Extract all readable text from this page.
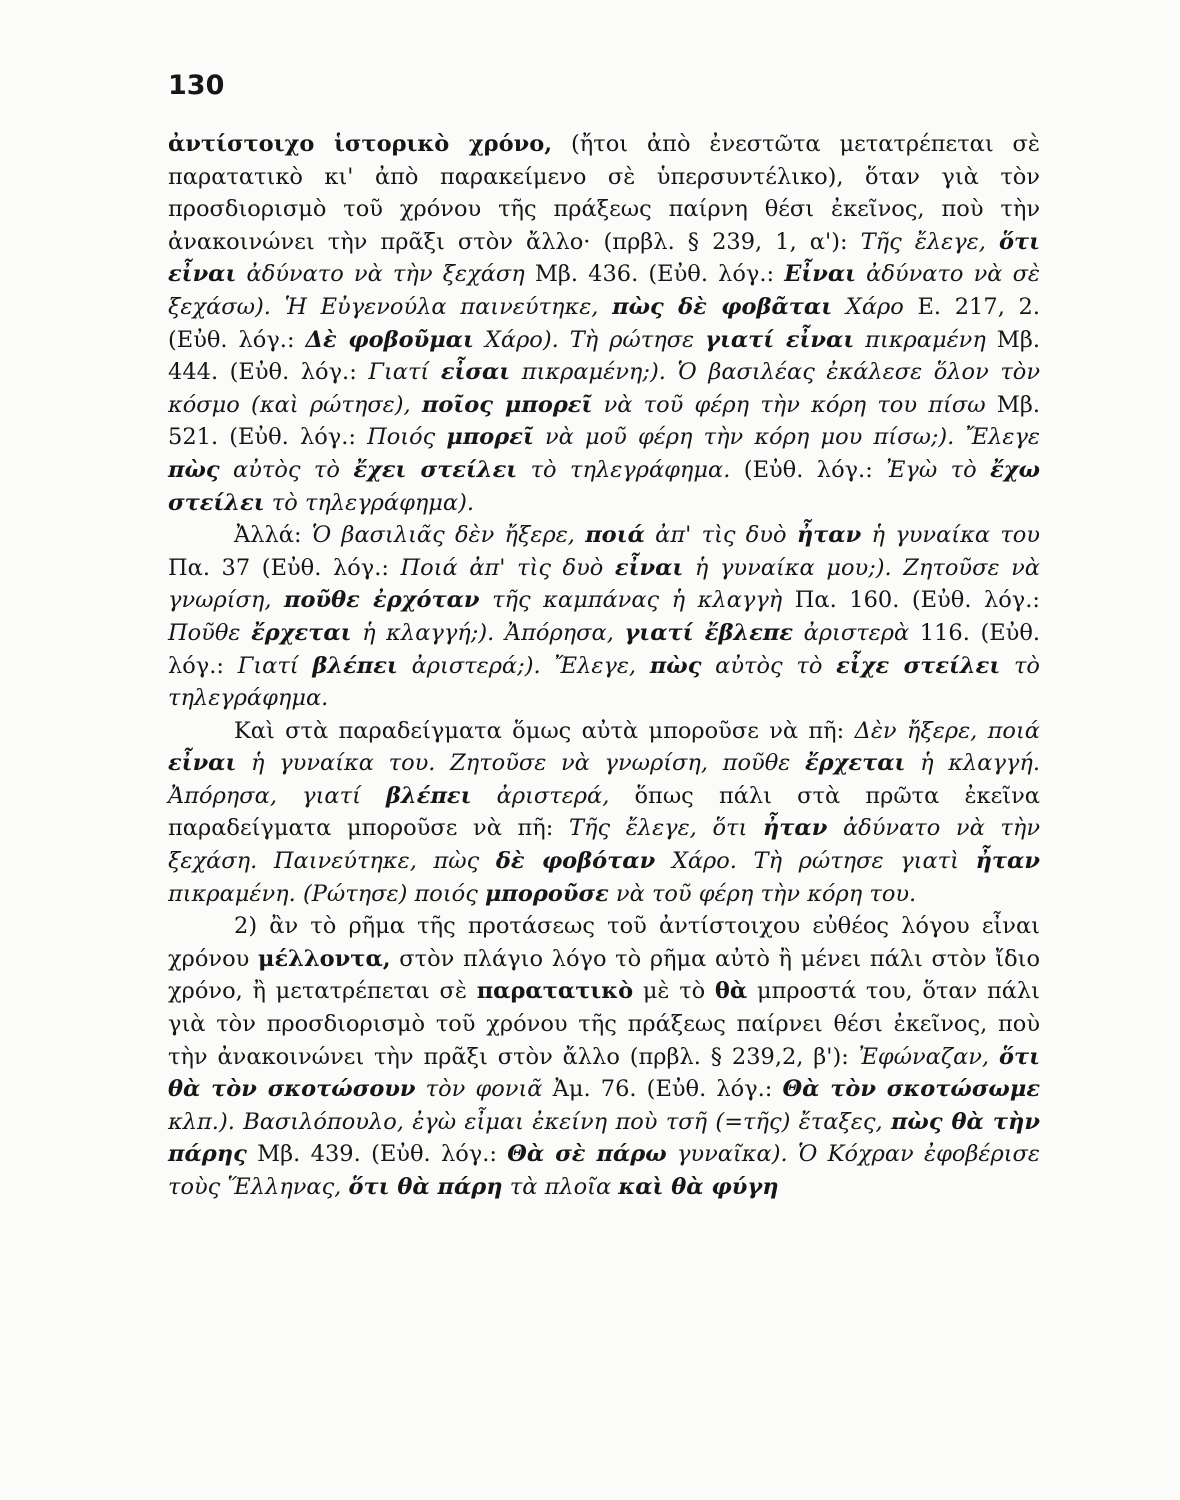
130

ἀντίστοιχο ἱστορικὸ χρόνο, (ἤτοι ἀπὸ ἐνεστῶτα μετατρέπεται σὲ παρατατικὸ κι' ἀπὸ παρακείμενο σὲ ὑπερσυντέλικο), ὅταν γιὰ τὸν προσδιορισμὸ τοῦ χρόνου τῆς πράξεως παίρνη θέσι ἐκεῖνος, ποὺ τὴν ἀνακοινώνει τὴν πρᾶξι στὸν ἄλλο· (πρβλ. § 239, 1, α'): Τῆς ἔλεγε, ὅτι εἶναι ἀδύνατο νὰ τὴν ξεχάση Μβ. 436. (Εὐθ. λόγ.: Εἶναι ἀδύνατο νὰ σὲ ξεχάσω). Ἡ Εὐγενούλα παινεύτηκε, πὼς δὲ φοβᾶται Χάρο Ε. 217, 2. (Εὐθ. λόγ.: Δὲ φοβοῦμαι Χάρο). Τὴ ρώτησε γιατί εἶναι πικραμένη Μβ. 444. (Εὐθ. λόγ.: Γιατί εἶσαι πικραμένη;). Ὁ βασιλέας ἐκάλεσε ὅλον τὸν κόσμο (καὶ ρώτησε), ποῖος μπορεῖ νὰ τοῦ φέρη τὴν κόρη του πίσω Μβ. 521. (Εὐθ. λόγ.: Ποιός μπορεῖ νὰ μοῦ φέρη τὴν κόρη μου πίσω;). Ἔλεγε πὼς αὐτὸς τὸ ἔχει στείλει τὸ τηλεγράφημα. (Εὐθ. λόγ.: Ἐγὼ τὸ ἔχω στείλει τὸ τηλεγράφημα).

Ἀλλά: Ὁ βασιλιᾶς δὲν ἤξερε, ποιά ἀπ' τὶς δυὸ ἦταν ἡ γυναίκα του Πα. 37 (Εὐθ. λόγ.: Ποιά ἀπ' τὶς δυὸ εἶναι ἡ γυναίκα μου;). Ζητοῦσε νὰ γνωρίση, ποῦθε ἐρχόταν τῆς καμπάνας ἡ κλαγγὴ Πα. 160. (Εὐθ. λόγ.: Ποῦθε ἔρχεται ἡ κλαγγή;). Ἀπόρησα, γιατί ἔβλεπε ἀριστερὰ 116. (Εὐθ. λόγ.: Γιατί βλέπει ἀριστερά;). Ἔλεγε, πὼς αὐτὸς τὸ εἶχε στείλει τὸ τηλεγράφημα.

Καὶ στὰ παραδείγματα ὅμως αὐτὰ μποροῦσε νὰ πῆ: Δὲν ἤξερε, ποιά εἶναι ἡ γυναίκα του. Ζητοῦσε νὰ γνωρίση, ποῦθε ἔρχεται ἡ κλαγγή. Ἀπόρησα, γιατί βλέπει ἀριστερά, ὅπως πάλι στὰ πρῶτα ἐκεῖνα παραδείγματα μποροῦσε νὰ πῆ: Τῆς ἔλεγε, ὅτι ἦταν ἀδύνατο νὰ τὴν ξεχάση. Παινεύτηκε, πὼς δὲ φοβόταν Χάρο. Τὴ ρώτησε γιατὶ ἦταν πικραμένη. (Ρώτησε) ποιός μποροῦσε νὰ τοῦ φέρη τὴν κόρη του.

2) ἂν τὸ ρῆμα τῆς προτάσεως τοῦ ἀντίστοιχου εὐθέος λόγου εἶναι χρόνου μέλλοντα, στὸν πλάγιο λόγο τὸ ρῆμα αὐτὸ ἢ μένει πάλι στὸν ἴδιο χρόνο, ἢ μετατρέπεται σὲ παρατατικὸ μὲ τὸ θὰ μπροστά του, ὅταν πάλι γιὰ τὸν προσδιορισμὸ τοῦ χρόνου τῆς πράξεως παίρνει θέσι ἐκεῖνος, ποὺ τὴν ἀνακοινώνει τὴν πρᾶξι στὸν ἄλλο (πρβλ. § 239,2, β'): Ἐφώναζαν, ὅτι θὰ τὸν σκοτώσουν τὸν φονιᾶ Ἀμ. 76. (Εὐθ. λόγ.: Θὰ τὸν σκοτώσωμε κλπ.). Βασιλόπουλο, ἐγὼ εἶμαι ἐκείνη ποὺ τσῆ (=τῆς) ἔταξες, πὼς θὰ τὴν πάρης Μβ. 439. (Εὐθ. λόγ.: Θὰ σὲ πάρω γυναῖκα). Ὁ Κόχραν ἐφοβέρισε τοὺς Ἕλληνας, ὅτι θὰ πάρη τὰ πλοῖα καὶ θὰ φύγη
